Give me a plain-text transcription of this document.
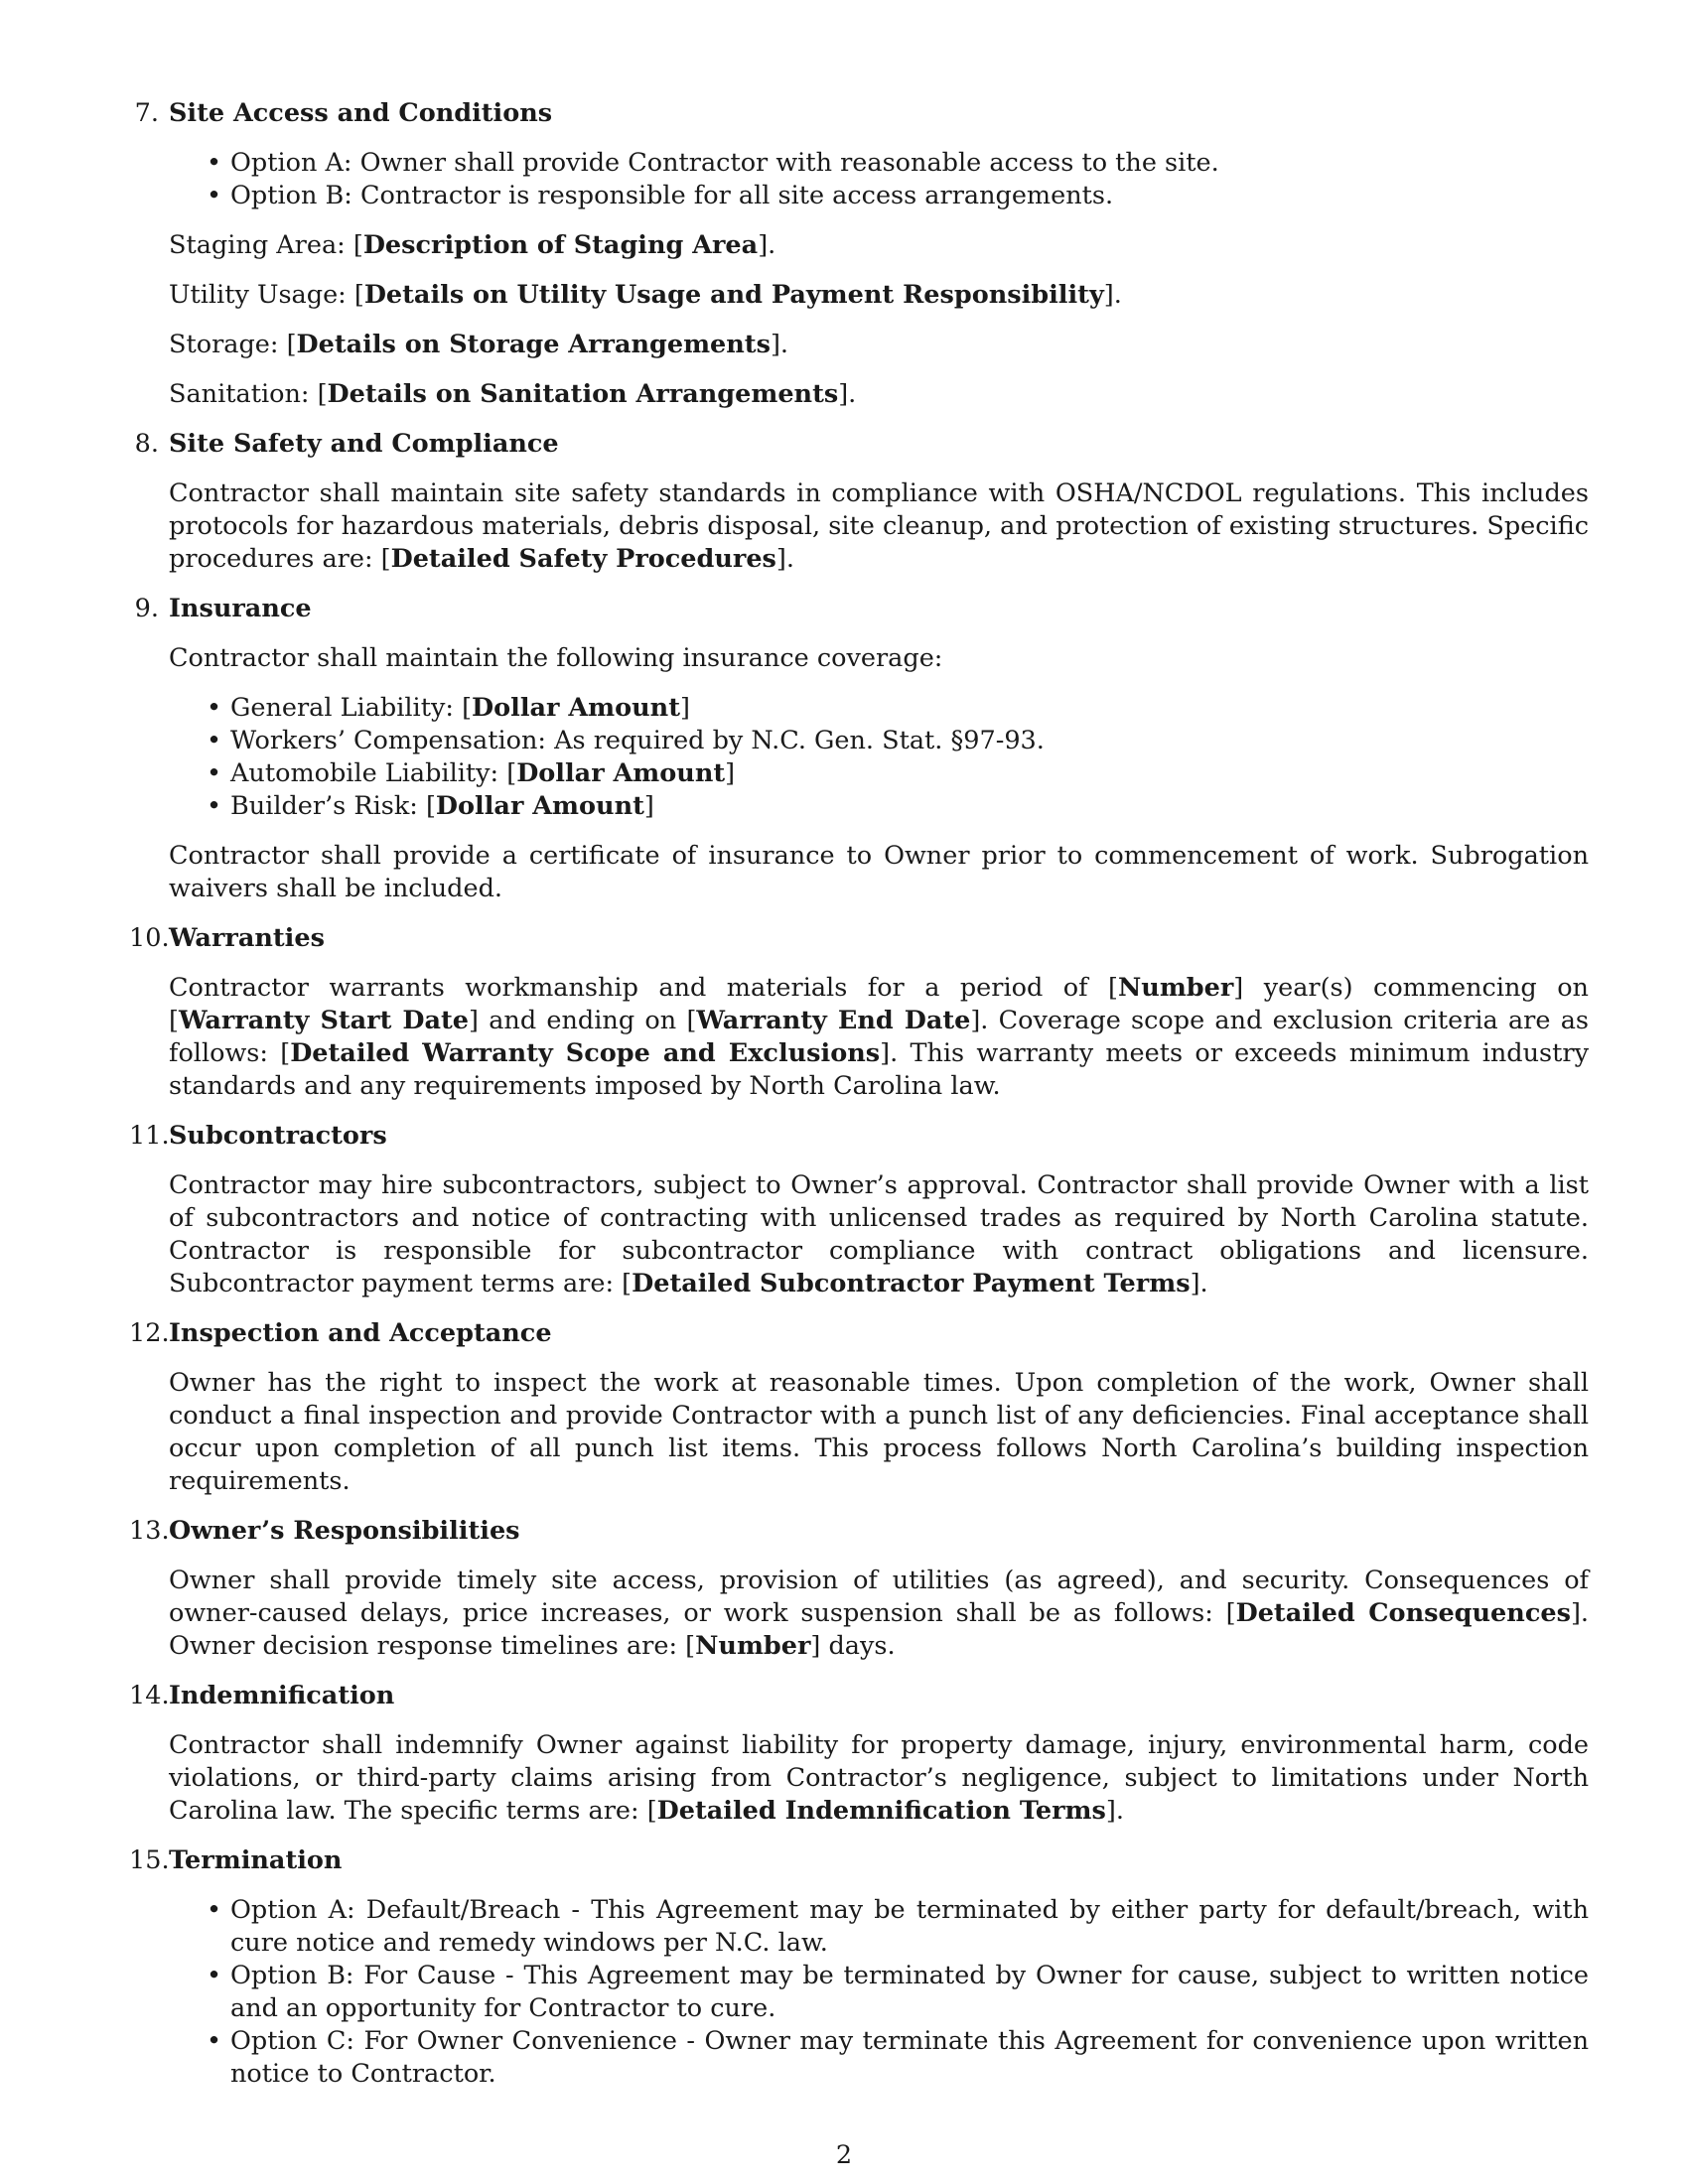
7. Site Access and Conditions
• Option A: Owner shall provide Contractor with reasonable access to the site.
• Option B: Contractor is responsible for all site access arrangements.

Staging Area: [Description of Staging Area].

Utility Usage: [Details on Utility Usage and Payment Responsibility].

Storage: [Details on Storage Arrangements].

Sanitation: [Details on Sanitation Arrangements].

8. Site Safety and Compliance

Contractor shall maintain site safety standards in compliance with OSHA/NCDOL regulations. This includes protocols for hazardous materials, debris disposal, site cleanup, and protection of existing structures. Specific procedures are: [Detailed Safety Procedures].

9. Insurance

Contractor shall maintain the following insurance coverage:

• General Liability: [Dollar Amount]
• Workers’ Compensation: As required by N.C. Gen. Stat. §97-93.
• Automobile Liability: [Dollar Amount]
• Builder’s Risk: [Dollar Amount]

Contractor shall provide a certificate of insurance to Owner prior to commencement of work. Subrogation waivers shall be included.

10. Warranties

Contractor warrants workmanship and materials for a period of [Number] year(s) commencing on [Warranty Start Date] and ending on [Warranty End Date]. Coverage scope and exclusion criteria are as follows: [Detailed Warranty Scope and Exclusions]. This warranty meets or exceeds minimum industry standards and any requirements imposed by North Carolina law.

11. Subcontractors

Contractor may hire subcontractors, subject to Owner’s approval. Contractor shall provide Owner with a list of subcontractors and notice of contracting with unlicensed trades as required by North Carolina statute. Contractor is responsible for subcontractor compliance with contract obligations and licensure. Subcontractor payment terms are: [Detailed Subcontractor Payment Terms].

12. Inspection and Acceptance

Owner has the right to inspect the work at reasonable times. Upon completion of the work, Owner shall conduct a final inspection and provide Contractor with a punch list of any deficiencies. Final acceptance shall occur upon completion of all punch list items. This process follows North Carolina’s building inspection requirements.

13. Owner’s Responsibilities

Owner shall provide timely site access, provision of utilities (as agreed), and security. Consequences of owner-caused delays, price increases, or work suspension shall be as follows: [Detailed Consequences]. Owner decision response timelines are: [Number] days.

14. Indemnification

Contractor shall indemnify Owner against liability for property damage, injury, environmental harm, code violations, or third-party claims arising from Contractor’s negligence, subject to limitations under North Carolina law. The specific terms are: [Detailed Indemnification Terms].

15. Termination
• Option A: Default/Breach - This Agreement may be terminated by either party for default/breach, with cure notice and remedy windows per N.C. law.
• Option B: For Cause - This Agreement may be terminated by Owner for cause, subject to written notice and an opportunity for Contractor to cure.
• Option C: For Owner Convenience - Owner may terminate this Agreement for convenience upon written notice to Contractor.
2
